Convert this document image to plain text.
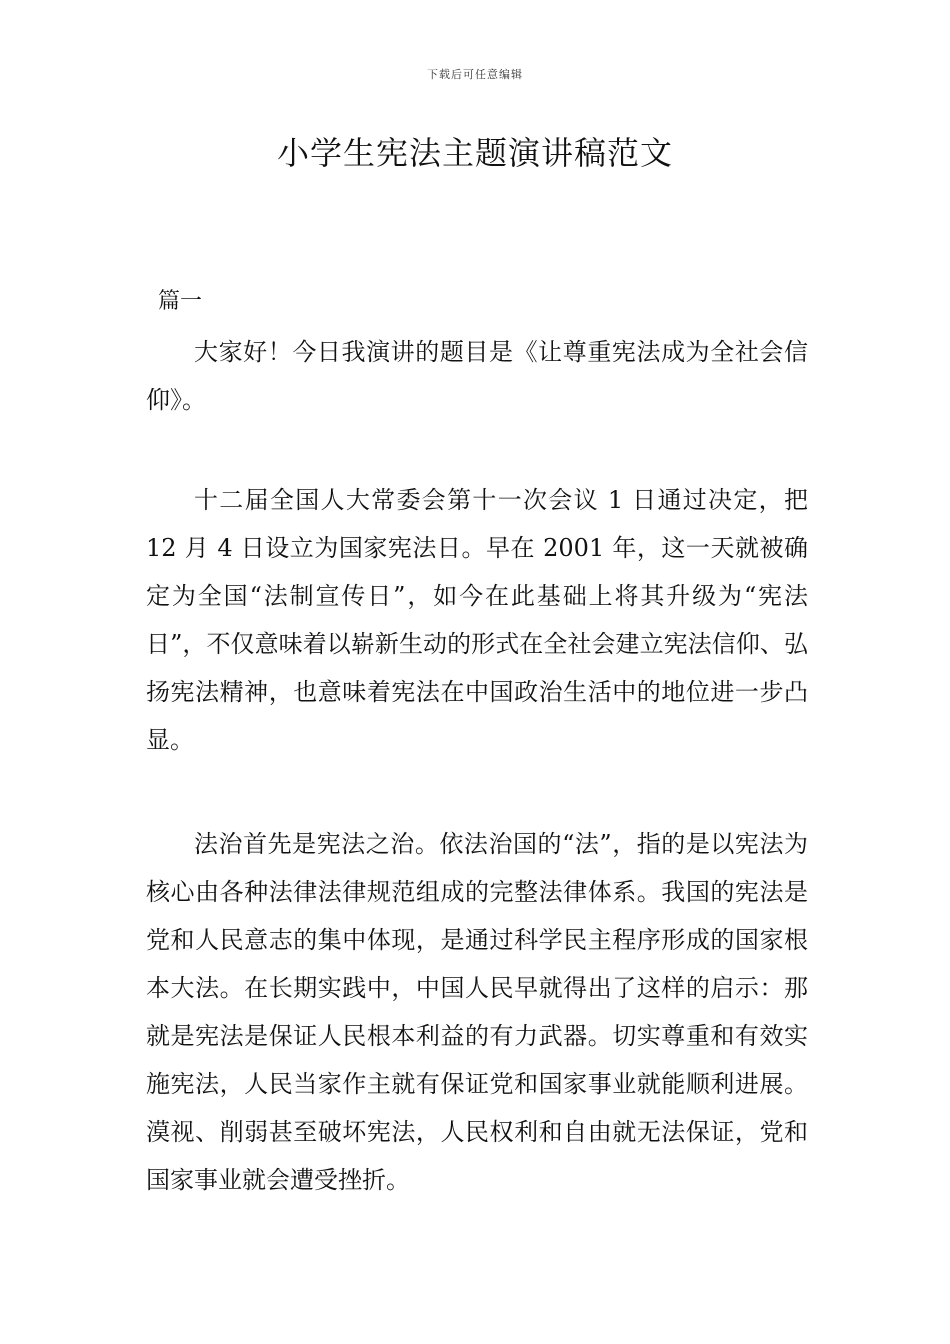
下载后可任意编辑
小学生宪法主题演讲稿范文
篇一

大家好！今日我演讲的题目是《让尊重宪法成为全社会信仰》。

十二届全国人大常委会第十一次会议 1 日通过决定，把 12 月 4 日设立为国家宪法日。早在 2001 年，这一天就被确定为全国“法制宣传日”，如今在此基础上将其升级为“宪法日”，不仅意味着以崭新生动的形式在全社会建立宪法信仰、弘扬宪法精神，也意味着宪法在中国政治生活中的地位进一步凸显。

法治首先是宪法之治。依法治国的“法”，指的是以宪法为核心由各种法律法律规范组成的完整法律体系。我国的宪法是党和人民意志的集中体现，是通过科学民主程序形成的国家根本大法。在长期实践中，中国人民早就得出了这样的启示：那就是宪法是保证人民根本利益的有力武器。切实尊重和有效实施宪法，人民当家作主就有保证党和国家事业就能顺利进展。漠视、削弱甚至破坏宪法，人民权利和自由就无法保证，党和国家事业就会遭受挫折。
